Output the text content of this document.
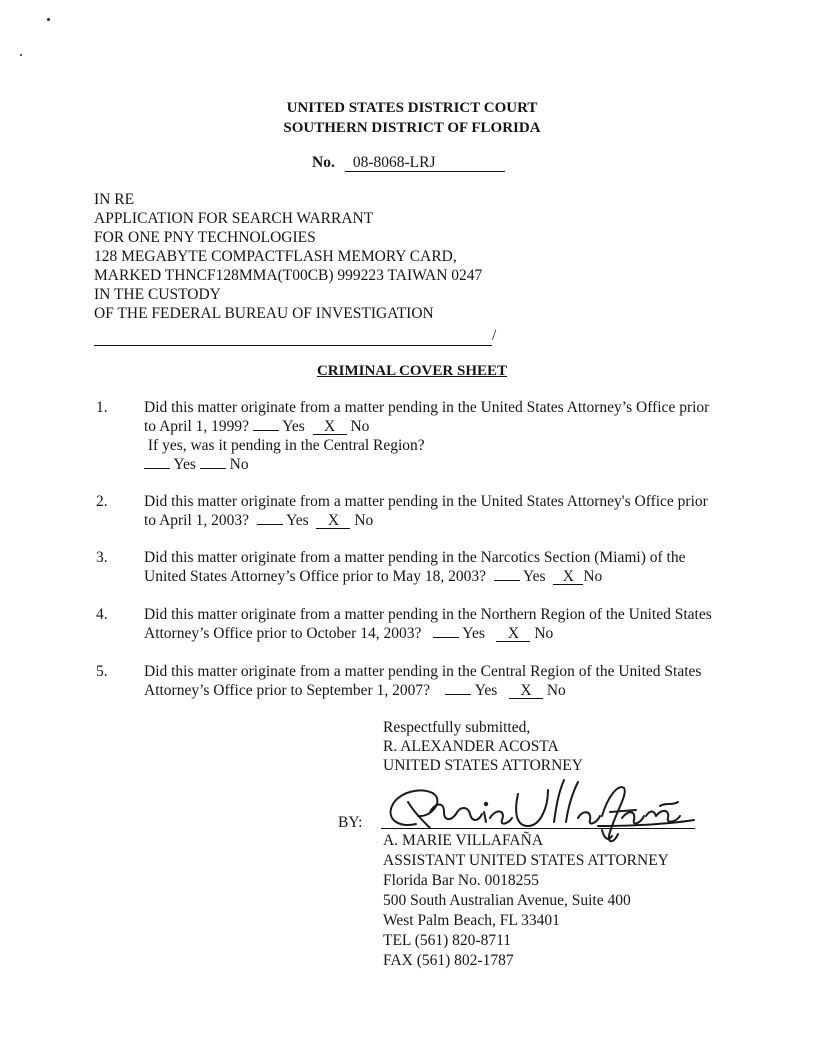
UNITED STATES DISTRICT COURT
SOUTHERN DISTRICT OF FLORIDA
No. 08-8068-LRJ
IN RE
APPLICATION FOR SEARCH WARRANT
FOR ONE PNY TECHNOLOGIES
128 MEGABYTE COMPACTFLASH MEMORY CARD,
MARKED THNCF128MMA(T00CB) 999223 TAIWAN 0247
IN THE CUSTODY
OF THE FEDERAL BUREAU OF INVESTIGATION
/
CRIMINAL COVER SHEET
1. Did this matter originate from a matter pending in the United States Attorney’s Office prior
to April 1, 1999? Yes X No
If yes, was it pending in the Central Region?
Yes No
2. Did this matter originate from a matter pending in the United States Attorney's Office prior
to April 1, 2003? Yes X No
3. Did this matter originate from a matter pending in the Narcotics Section (Miami) of the
United States Attorney’s Office prior to May 18, 2003? Yes X No
4. Did this matter originate from a matter pending in the Northern Region of the United States
Attorney’s Office prior to October 14, 2003?	Yes X No
5. Did this matter originate from a matter pending in the Central Region of the United States
Attorney’s Office prior to September 1, 2007?	Yes X No
Respectfully submitted,
R. ALEXANDER ACOSTA
UNITED STATES ATTORNEY
BY:
A. MARIE VILLAFAÑA
ASSISTANT UNITED STATES ATTORNEY
Florida Bar No. 0018255
500 South Australian Avenue, Suite 400
West Palm Beach, FL 33401
TEL (561) 820-8711
FAX (561) 802-1787
